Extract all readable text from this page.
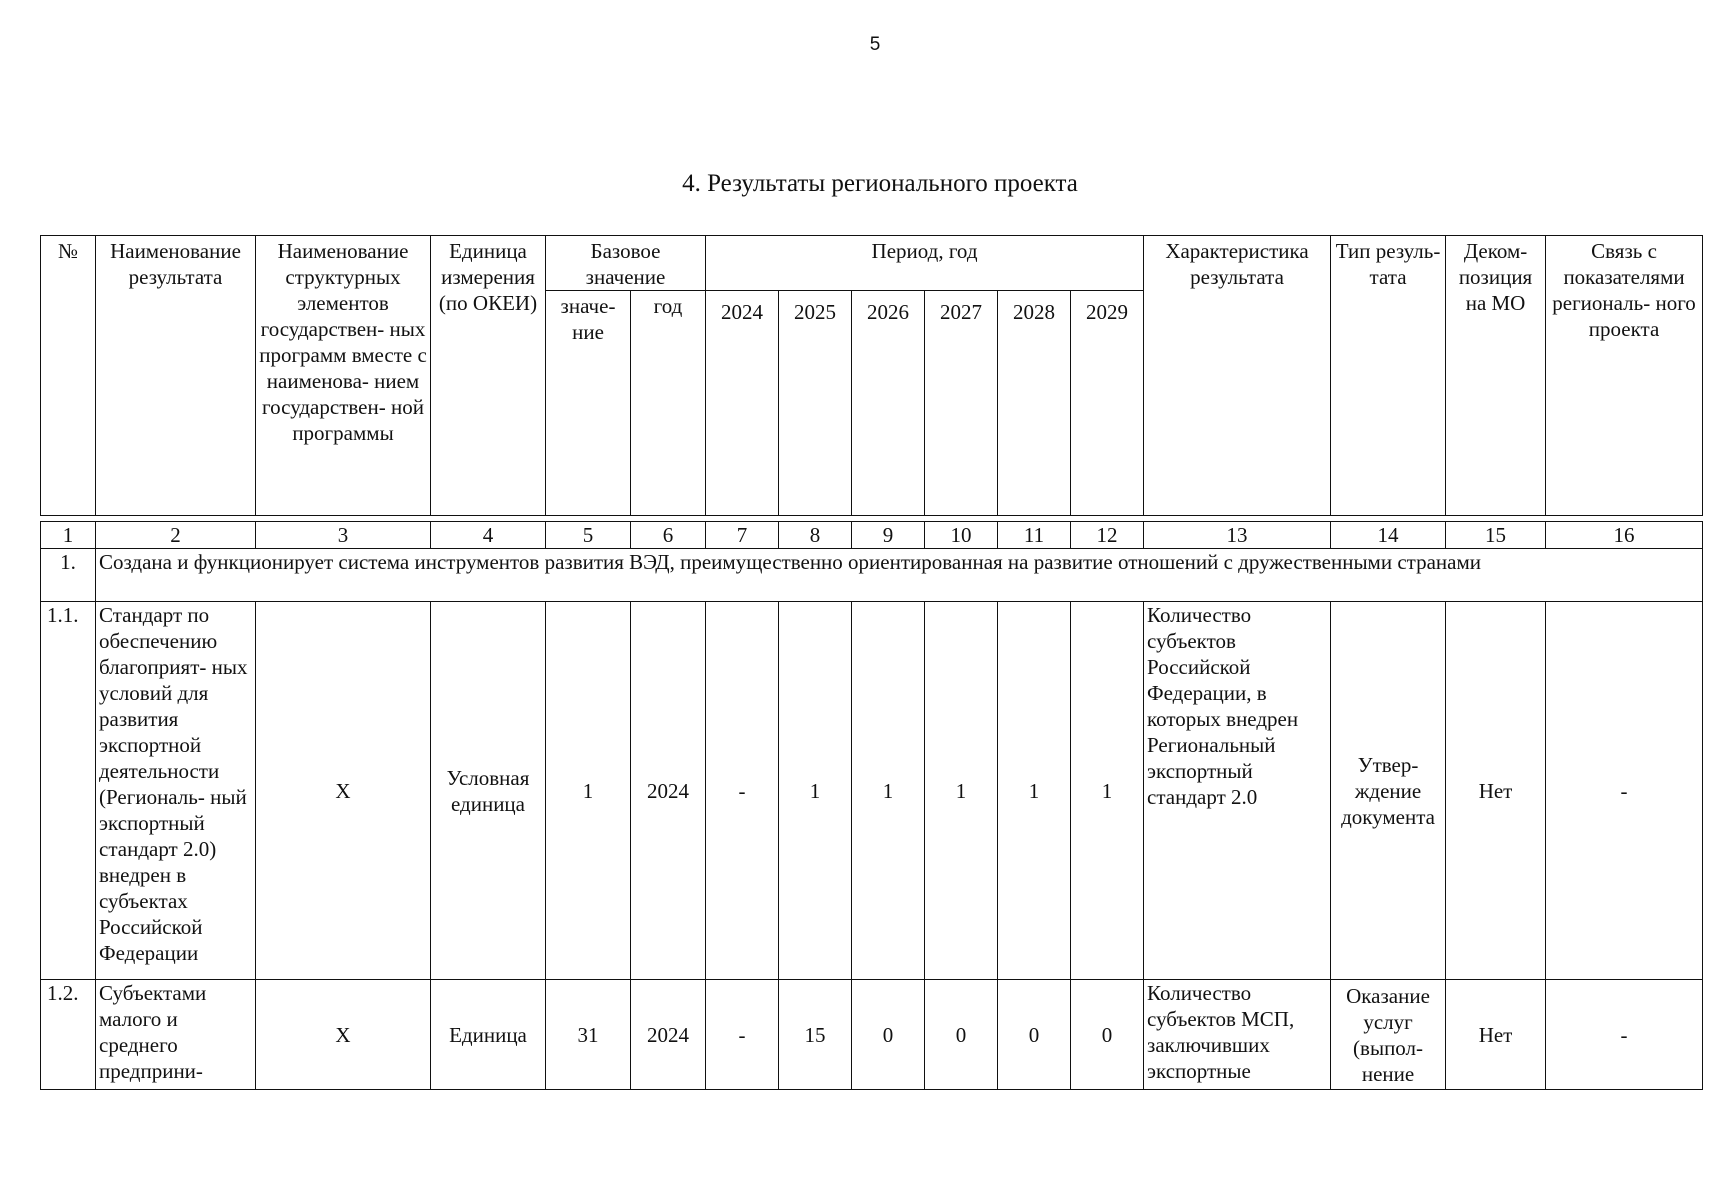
5
4. Результаты регионального проекта
№	Наименование результата	Наименование структурных элементов государствен- ных программ вместе с наименова- нием государствен- ной программы	Единица измерения (по ОКЕИ)	Базовое значение		Период, год						Характеристика результата	Тип резуль- тата	Деком- позиция на МО	Связь с показателями региональ- ного проекта
				значе- ние	год	2024	2025	2026	2027	2028	2029				

1	2	3	4	5	6	7	8	9	10	11	12	13	14	15	16
1.	Создана и функционирует система инструментов развития ВЭД, преимущественно ориентированная на развитие отношений с дружественными странами														
1.1.	Стандарт по обеспечению благоприят- ных условий для развития экспортной деятельности (Региональ- ный экспортный стандарт 2.0) внедрен в субъектах Российской Федерации	Х	Условная единица	1	2024	-	1	1	1	1	1	Количество субъектов Российской Федерации, в которых внедрен Региональный экспортный стандарт 2.0	Утвер- ждение документа	Нет	-
1.2.	Субъектами малого и среднего предприни-	Х	Единица	31	2024	-	15	0	0	0	0	Количество субъектов МСП, заключивших экспортные	Оказание услуг (выпол- нение	Нет	-
